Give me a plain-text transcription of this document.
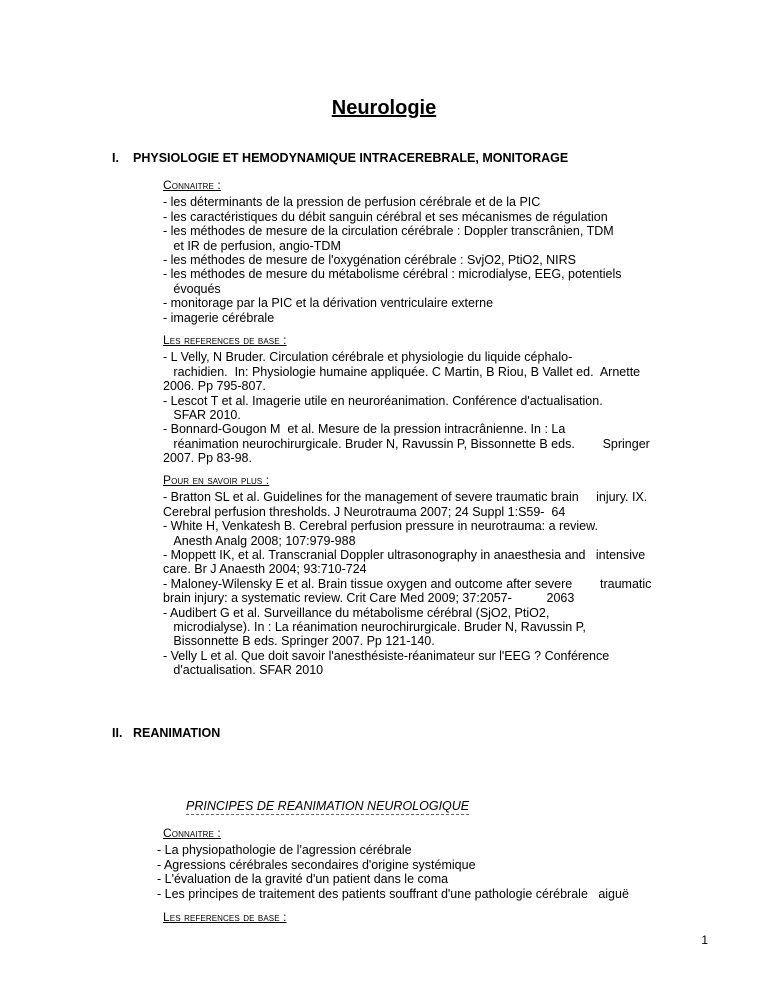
Neurologie
I. PHYSIOLOGIE ET HEMODYNAMIQUE INTRACEREBRALE, MONITORAGE
Connaitre :
- les déterminants de la pression de perfusion cérébrale et de la PIC
- les caractéristiques du débit sanguin cérébral et ses mécanismes de régulation
- les méthodes de mesure de la circulation cérébrale : Doppler transcrânien, TDM
et IR de perfusion, angio-TDM
- les méthodes de mesure de l'oxygénation cérébrale : SvjO2, PtiO2, NIRS
- les méthodes de mesure du métabolisme cérébral : microdialyse, EEG, potentiels
évoqués
- monitorage par la PIC et la dérivation ventriculaire externe
- imagerie cérébrale
Les references de base :
- L Velly, N Bruder. Circulation cérébrale et physiologie du liquide céphalo-
rachidien.  In: Physiologie humaine appliquée. C Martin, B Riou, B Vallet ed.  Arnette
2006. Pp 795-807.
- Lescot T et al. Imagerie utile en neuroréanimation. Conférence d'actualisation.
SFAR 2010.
- Bonnard-Gougon M  et al. Mesure de la pression intracrânienne. In : La
réanimation neurochirurgicale. Bruder N, Ravussin P, Bissonnette B eds.        Springer
2007. Pp 83-98.
Pour en savoir plus :
- Bratton SL et al. Guidelines for the management of severe traumatic brain     injury. IX.
Cerebral perfusion thresholds. J Neurotrauma 2007; 24 Suppl 1:S59-  64
- White H, Venkatesh B. Cerebral perfusion pressure in neurotrauma: a review.
Anesth Analg 2008; 107:979-988
- Moppett IK, et al. Transcranial Doppler ultrasonography in anaesthesia and   intensive
care. Br J Anaesth 2004; 93:710-724
- Maloney-Wilensky E et al. Brain tissue oxygen and outcome after severe        traumatic
brain injury: a systematic review. Crit Care Med 2009; 37:2057-          2063
- Audibert G et al. Surveillance du métabolisme cérébral (SjO2, PtiO2,
microdialyse). In : La réanimation neurochirurgicale. Bruder N, Ravussin P,
Bissonnette B eds. Springer 2007. Pp 121-140.
- Velly L et al. Que doit savoir l'anesthésiste-réanimateur sur l'EEG ? Conférence
d'actualisation. SFAR 2010
II. REANIMATION
PRINCIPES DE REANIMATION NEUROLOGIQUE
Connaitre :
- La physiopathologie de l'agression cérébrale
- Agressions cérébrales secondaires d'origine systémique
- L'évaluation de la gravité d'un patient dans le coma
- Les principes de traitement des patients souffrant d'une pathologie cérébrale   aiguë
Les references de base :
1
